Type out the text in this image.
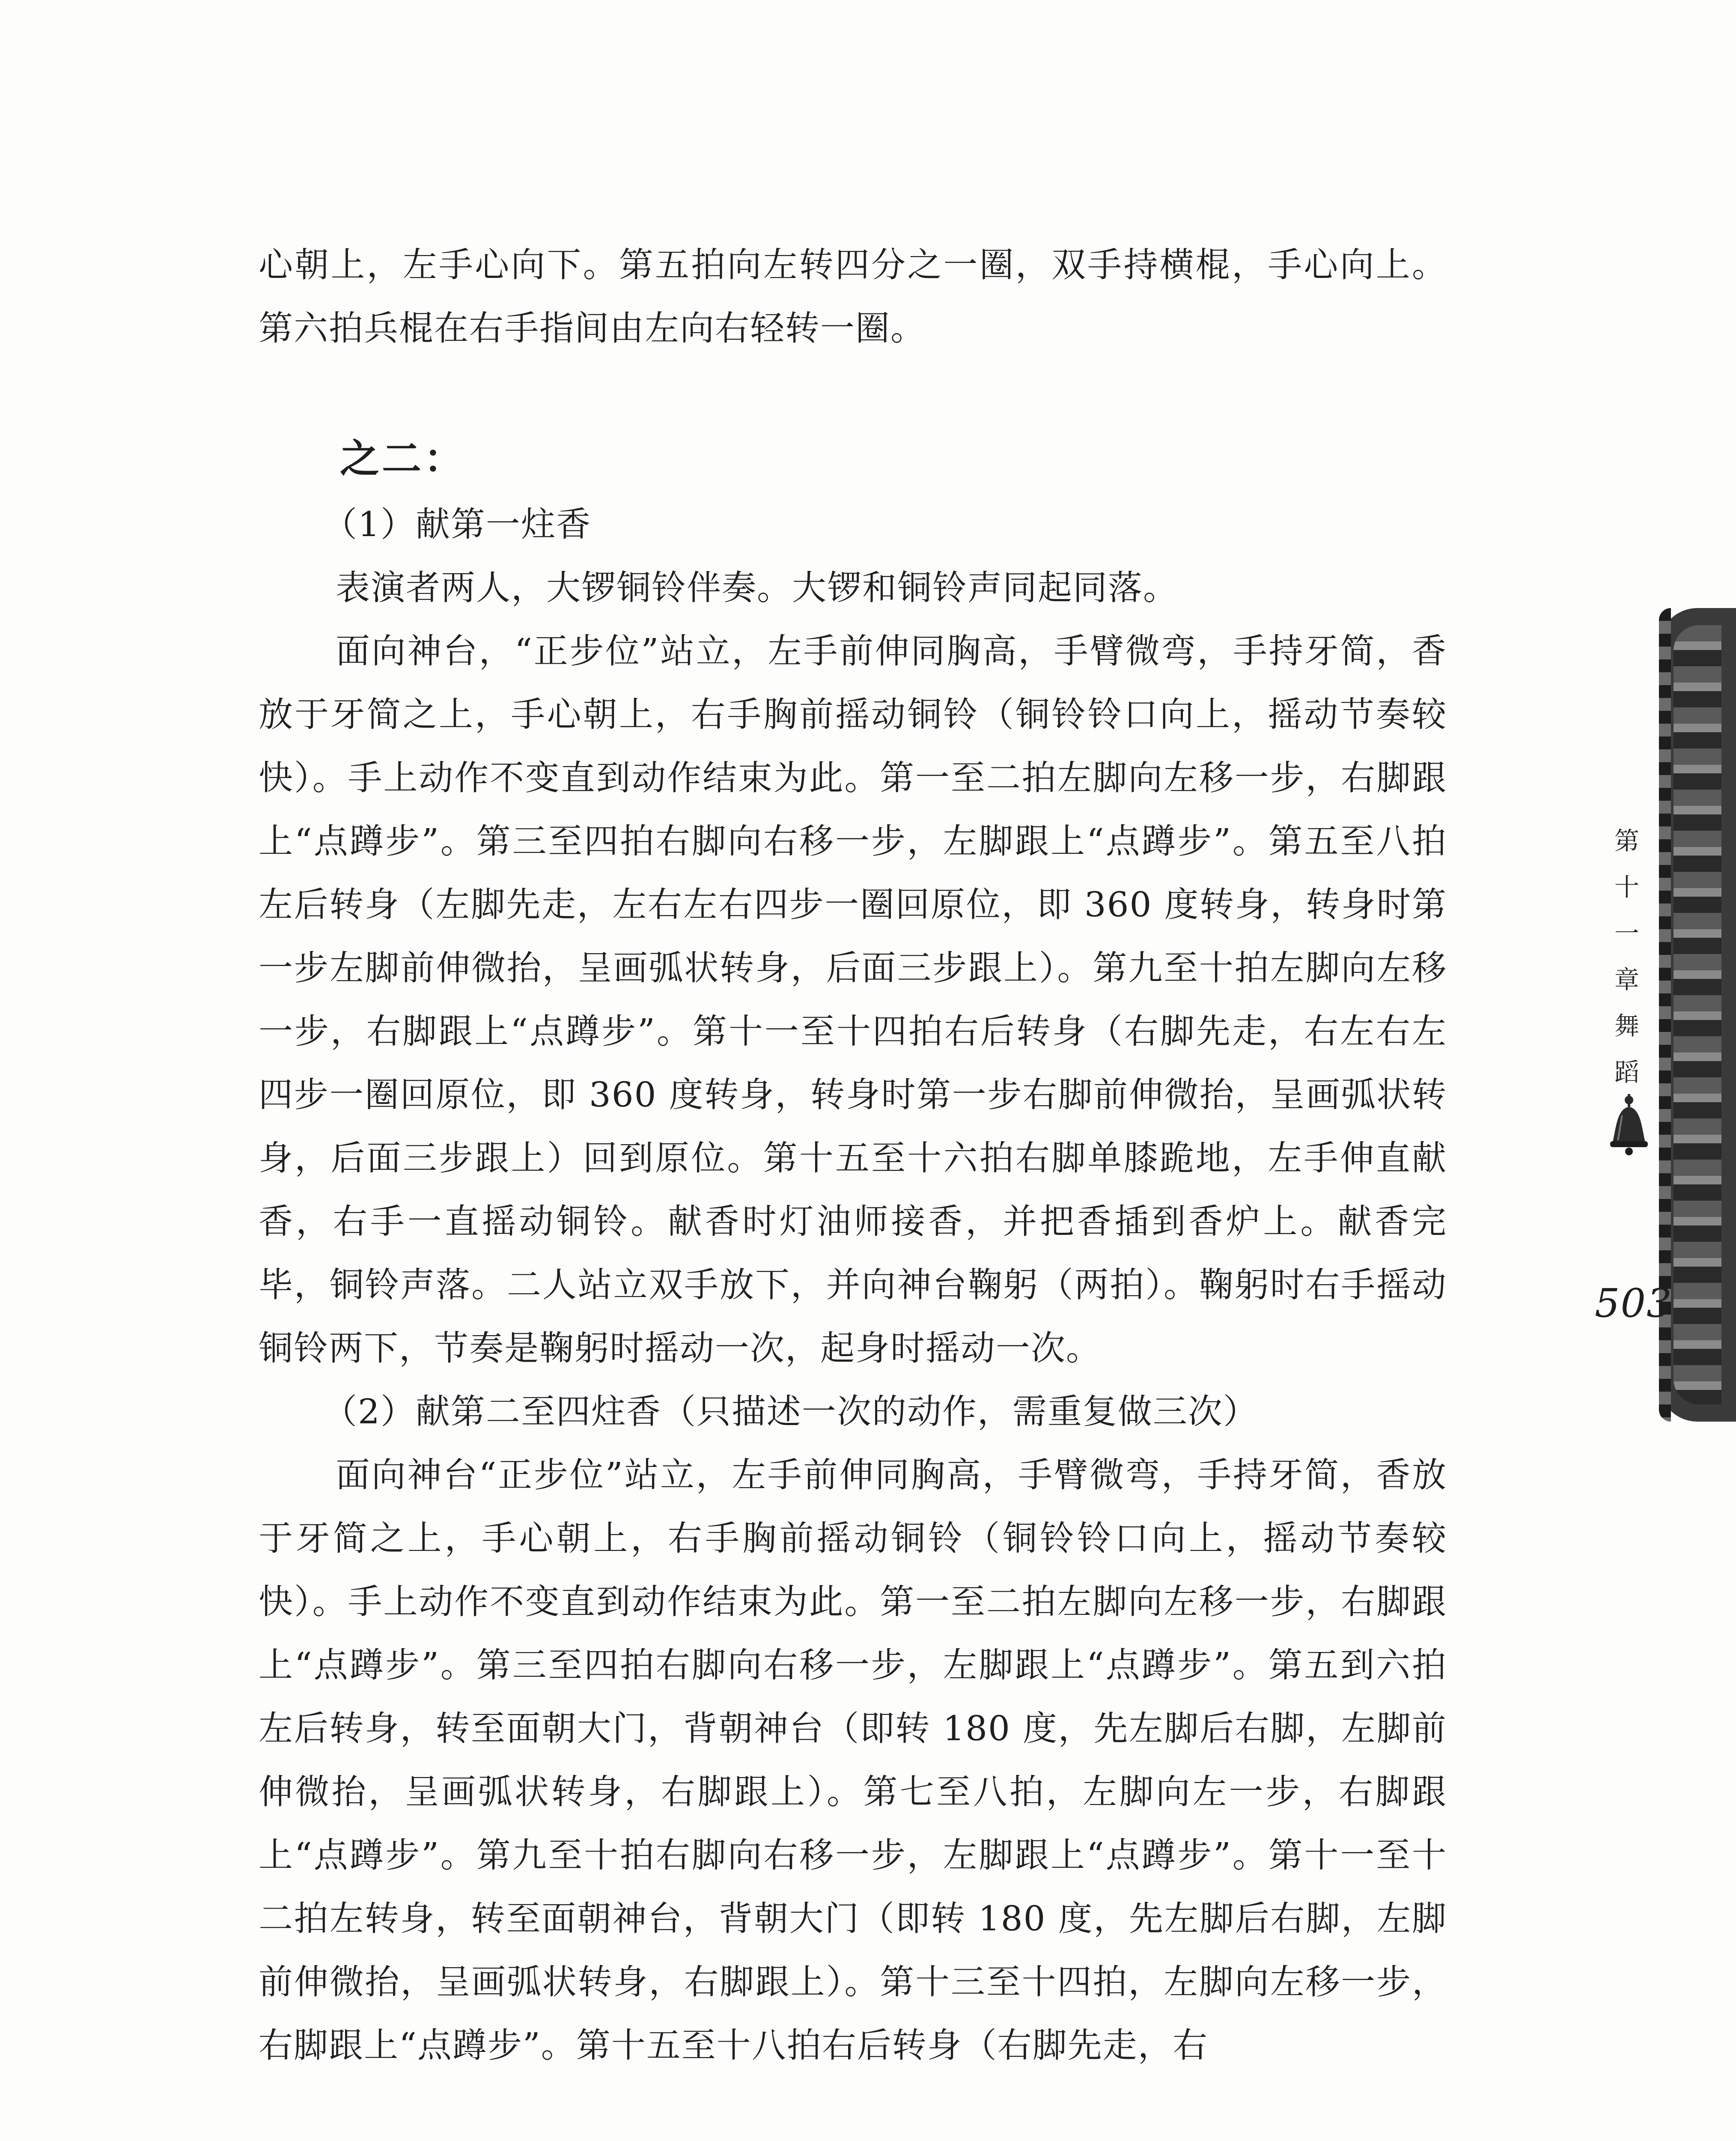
心朝上，左手心向下。第五拍向左转四分之一圈，双手持横棍，手心向上。第六拍兵棍在右手指间由左向右轻转一圈。

之二：

（1）献第一炷香

表演者两人，大锣铜铃伴奏。大锣和铜铃声同起同落。

面向神台，“正步位”站立，左手前伸同胸高，手臂微弯，手持牙简，香放于牙简之上，手心朝上，右手胸前摇动铜铃（铜铃铃口向上，摇动节奏较快）。手上动作不变直到动作结束为此。第一至二拍左脚向左移一步，右脚跟上“点蹲步”。第三至四拍右脚向右移一步，左脚跟上“点蹲步”。第五至八拍左后转身（左脚先走，左右左右四步一圈回原位，即 360 度转身，转身时第一步左脚前伸微抬，呈画弧状转身，后面三步跟上）。第九至十拍左脚向左移一步，右脚跟上“点蹲步”。第十一至十四拍右后转身（右脚先走，右左右左四步一圈回原位，即 360 度转身，转身时第一步右脚前伸微抬，呈画弧状转身，后面三步跟上）回到原位。第十五至十六拍右脚单膝跪地，左手伸直献香，右手一直摇动铜铃。献香时灯油师接香，并把香插到香炉上。献香完毕，铜铃声落。二人站立双手放下，并向神台鞠躬（两拍）。鞠躬时右手摇动铜铃两下，节奏是鞠躬时摇动一次，起身时摇动一次。

（2）献第二至四炷香（只描述一次的动作，需重复做三次）

面向神台“正步位”站立，左手前伸同胸高，手臂微弯，手持牙简，香放于牙简之上，手心朝上，右手胸前摇动铜铃（铜铃铃口向上，摇动节奏较快）。手上动作不变直到动作结束为此。第一至二拍左脚向左移一步，右脚跟上“点蹲步”。第三至四拍右脚向右移一步，左脚跟上“点蹲步”。第五到六拍左后转身，转至面朝大门，背朝神台（即转 180 度，先左脚后右脚，左脚前伸微抬，呈画弧状转身，右脚跟上）。第七至八拍，左脚向左一步，右脚跟上“点蹲步”。第九至十拍右脚向右移一步，左脚跟上“点蹲步”。第十一至十二拍左转身，转至面朝神台，背朝大门（即转 180 度，先左脚后右脚，左脚前伸微抬，呈画弧状转身，右脚跟上）。第十三至十四拍，左脚向左移一步，右脚跟上“点蹲步”。第十五至十八拍右后转身（右脚先走，右

第
十
一
章
舞
蹈
503
